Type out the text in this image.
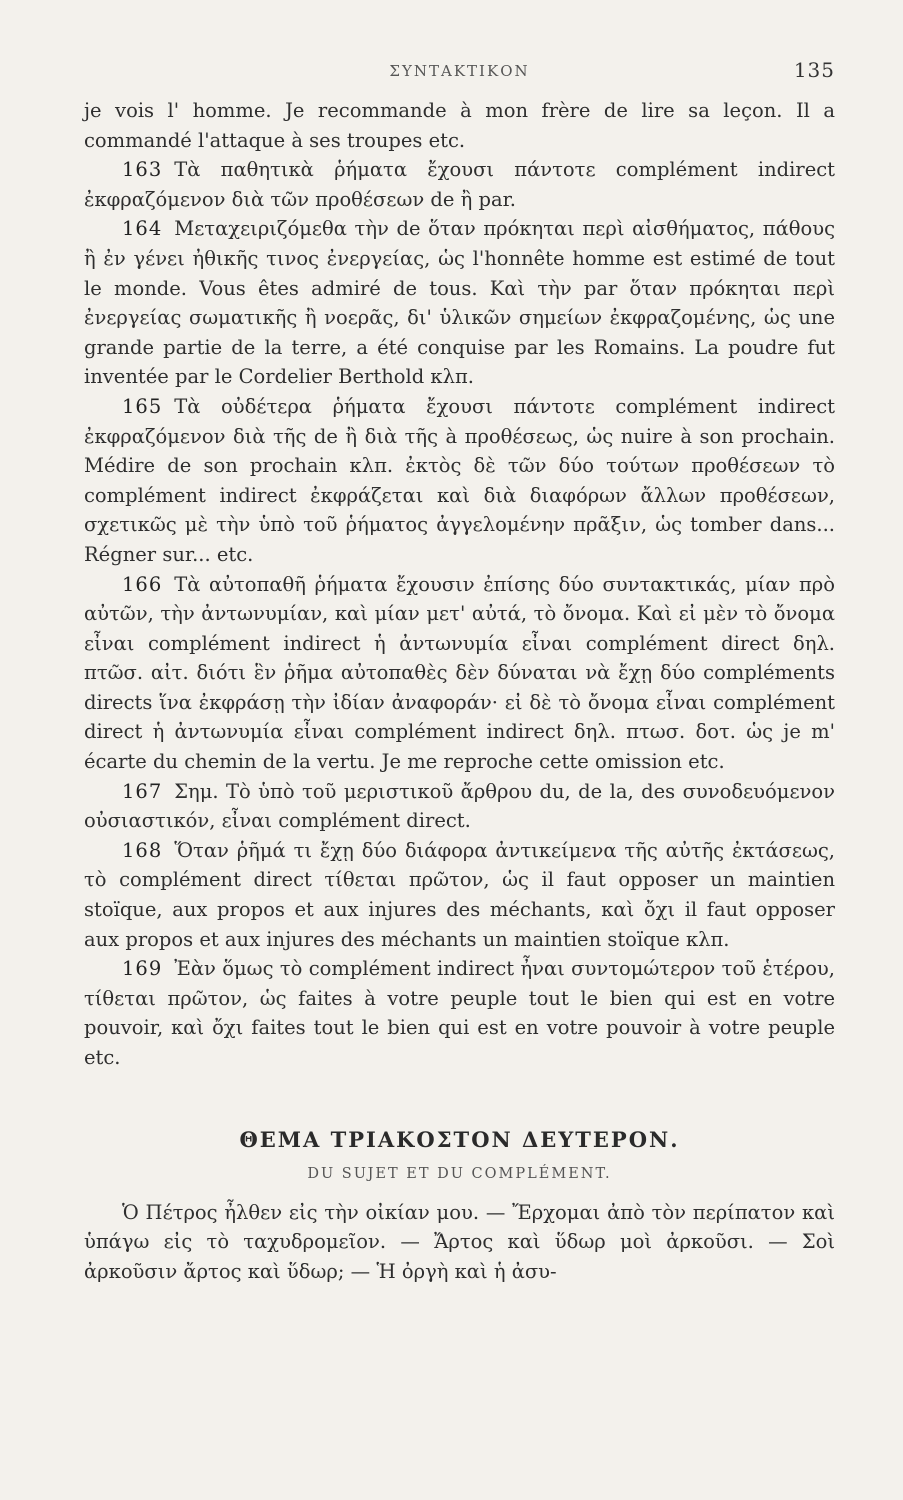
ΣΥΝΤΑΚΤΙΚΟΝ	135

je vois l' homme. Je recommande à mon frère de lire sa leçon. Il a commandé l'attaque à ses troupes etc.

163 Τὰ παθητικὰ ῥήματα ἔχουσι πάντοτε complément indirect ἐκφραζόμενον διὰ τῶν προθέσεων de ἢ par.

164 Μεταχειριζόμεθα τὴν de ὅταν πρόκηται περὶ αἰσθήματος, πάθους ἢ ἐν γένει ἠθικῆς τινος ἐνεργείας, ὡς l'honnête homme est estimé de tout le monde. Vous êtes admiré de tous. Καὶ τὴν par ὅταν πρόκηται περὶ ἐνεργείας σωματικῆς ἢ νοερᾶς, δι' ὑλικῶν σημείων ἐκφραζομένης, ὡς une grande partie de la terre, a été conquise par les Romains. La poudre fut inventée par le Cordelier Berthold κλπ.

165 Τὰ οὐδέτερα ῥήματα ἔχουσι πάντοτε complément indirect ἐκφραζόμενον διὰ τῆς de ἢ διὰ τῆς à προθέσεως, ὡς nuire à son prochain. Médire de son prochain κλπ. ἐκτὸς δὲ τῶν δύο τούτων προθέσεων τὸ complément indirect ἐκφράζεται καὶ διὰ διαφόρων ἄλλων προθέσεων, σχετικῶς μὲ τὴν ὑπὸ τοῦ ῥήματος ἀγγελομένην πρᾶξιν, ὡς tomber dans... Régner sur... etc.

166 Τὰ αὐτοπαθῆ ῥήματα ἔχουσιν ἐπίσης δύο συντακτικάς, μίαν πρὸ αὐτῶν, τὴν ἀντωνυμίαν, καὶ μίαν μετ' αὐτά, τὸ ὄνομα. Καὶ εἰ μὲν τὸ ὄνομα εἶναι complément indirect ἡ ἀντωνυμία εἶναι complément direct δηλ. πτῶσ. αἰτ. διότι ἓν ῥῆμα αὐτοπαθὲς δὲν δύναται νὰ ἔχῃ δύο compléments directs ἵνα ἐκφράσῃ τὴν ἰδίαν ἀναφοράν· εἰ δὲ τὸ ὄνομα εἶναι complément direct ἡ ἀντωνυμία εἶναι complément indirect δηλ. πτωσ. δοτ. ὡς je m' écarte du chemin de la vertu. Je me reproche cette omission etc.

167 Σημ. Τὸ ὑπὸ τοῦ μεριστικοῦ ἄρθρου du, de la, des συνοδευόμενον οὐσιαστικόν, εἶναι complément direct.

168 Ὅταν ῥῆμά τι ἔχῃ δύο διάφορα ἀντικείμενα τῆς αὐτῆς ἐκτάσεως, τὸ complément direct τίθεται πρῶτον, ὡς il faut opposer un maintien stoïque, aux propos et aux injures des méchants, καὶ ὄχι il faut opposer aux propos et aux injures des méchants un maintien stoïque κλπ.

169 Ἐὰν ὅμως τὸ complément indirect ἦναι συντομώτερον τοῦ ἑτέρου, τίθεται πρῶτον, ὡς faites à votre peuple tout le bien qui est en votre pouvoir, καὶ ὄχι faites tout le bien qui est en votre pouvoir à votre peuple etc.

ΘΕΜΑ ΤΡΙΑΚΟΣΤΟΝ ΔΕΥΤΕΡΟΝ.
DU SUJET ET DU COMPLÉMENT.

Ὁ Πέτρος ἦλθεν εἰς τὴν οἰκίαν μου. — Ἔρχομαι ἀπὸ τὸν περίπατον καὶ ὑπάγω εἰς τὸ ταχυδρομεῖον. — Ἄρτος καὶ ὕδωρ μοὶ ἀρκοῦσι. — Σοὶ ἀρκοῦσιν ἄρτος καὶ ὕδωρ; — Ἡ ὀργὴ καὶ ἡ ἀσυ-
